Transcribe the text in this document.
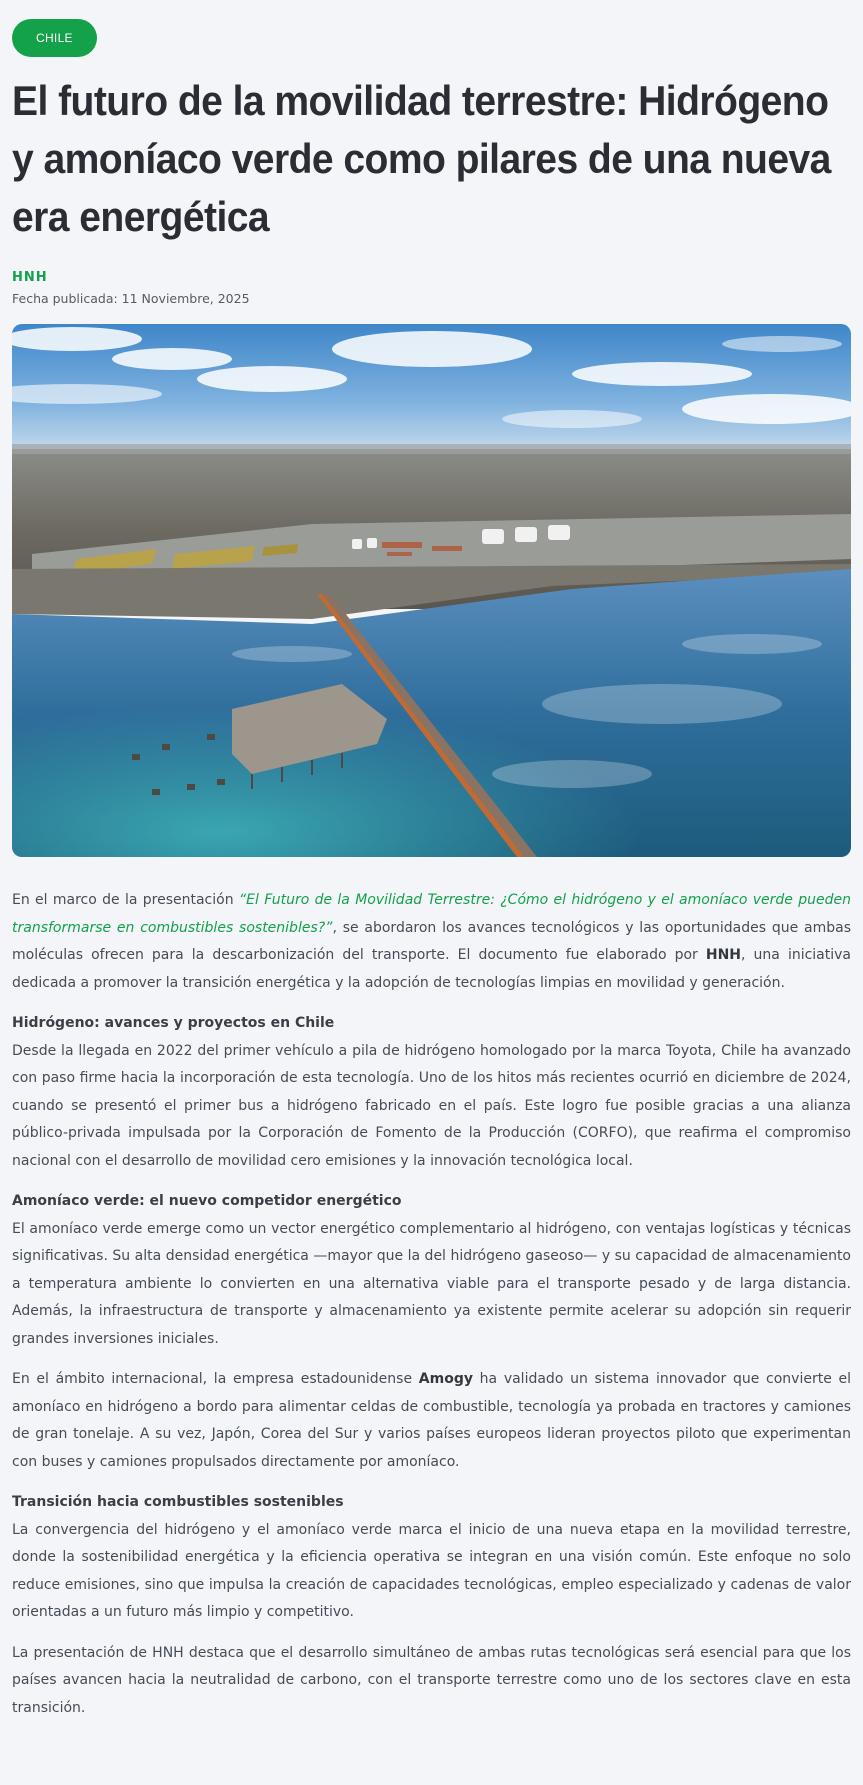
CHILE
El futuro de la movilidad terrestre: Hidrógeno y amoníaco verde como pilares de una nueva era energética
HNH
Fecha publicada: 11 Noviembre, 2025

En el marco de la presentación “El Futuro de la Movilidad Terrestre: ¿Cómo el hidrógeno y el amoníaco verde pueden transformarse en combustibles sostenibles?”, se abordaron los avances tecnológicos y las oportunidades que ambas moléculas ofrecen para la descarbonización del transporte. El documento fue elaborado por HNH, una iniciativa dedicada a promover la transición energética y la adopción de tecnologías limpias en movilidad y generación.

Hidrógeno: avances y proyectos en Chile
Desde la llegada en 2022 del primer vehículo a pila de hidrógeno homologado por la marca Toyota, Chile ha avanzado con paso firme hacia la incorporación de esta tecnología. Uno de los hitos más recientes ocurrió en diciembre de 2024, cuando se presentó el primer bus a hidrógeno fabricado en el país. Este logro fue posible gracias a una alianza público-privada impulsada por la Corporación de Fomento de la Producción (CORFO), que reafirma el compromiso nacional con el desarrollo de movilidad cero emisiones y la innovación tecnológica local.

Amoníaco verde: el nuevo competidor energético
El amoníaco verde emerge como un vector energético complementario al hidrógeno, con ventajas logísticas y técnicas significativas. Su alta densidad energética —mayor que la del hidrógeno gaseoso— y su capacidad de almacenamiento a temperatura ambiente lo convierten en una alternativa viable para el transporte pesado y de larga distancia. Además, la infraestructura de transporte y almacenamiento ya existente permite acelerar su adopción sin requerir grandes inversiones iniciales.

En el ámbito internacional, la empresa estadounidense Amogy ha validado un sistema innovador que convierte el amoníaco en hidrógeno a bordo para alimentar celdas de combustible, tecnología ya probada en tractores y camiones de gran tonelaje. A su vez, Japón, Corea del Sur y varios países europeos lideran proyectos piloto que experimentan con buses y camiones propulsados directamente por amoníaco.

Transición hacia combustibles sostenibles
La convergencia del hidrógeno y el amoníaco verde marca el inicio de una nueva etapa en la movilidad terrestre, donde la sostenibilidad energética y la eficiencia operativa se integran en una visión común. Este enfoque no solo reduce emisiones, sino que impulsa la creación de capacidades tecnológicas, empleo especializado y cadenas de valor orientadas a un futuro más limpio y competitivo.

La presentación de HNH destaca que el desarrollo simultáneo de ambas rutas tecnológicas será esencial para que los países avancen hacia la neutralidad de carbono, con el transporte terrestre como uno de los sectores clave en esta transición.
